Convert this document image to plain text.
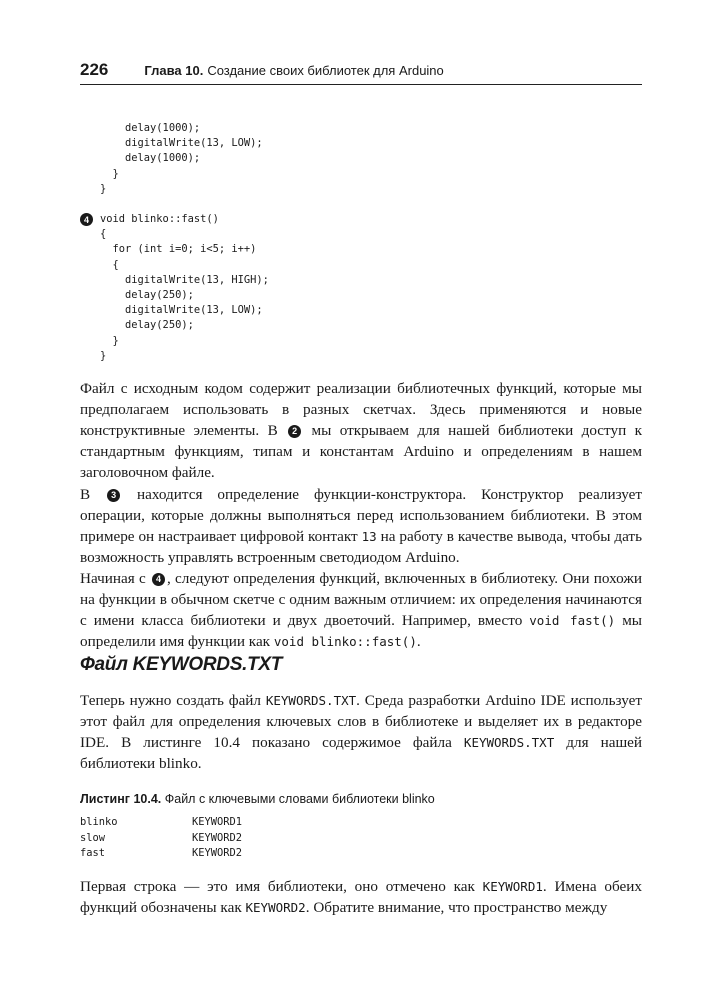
226	Глава 10. Создание своих библиотек для Arduino
delay(1000);
digitalWrite(13, LOW);
delay(1000);
}
}
4	void blinko::fast()
{
for (int i=0; i<5; i++)
{
digitalWrite(13, HIGH);
delay(250);
digitalWrite(13, LOW);
delay(250);
}
}

Файл с исходным кодом содержит реализации библиотечных функций, которые мы предполагаем использовать в разных скетчах. Здесь применяются и новые конструктивные элементы. В 2 мы открываем для нашей библиотеки доступ к стандартным функциям, типам и константам Arduino и определениям в нашем заголовочном файле.

В 3 находится определение функции-конструктора. Конструктор реализует операции, которые должны выполняться перед использованием библиотеки. В этом примере он настраивает цифровой контакт 13 на работу в качестве вывода, чтобы дать возможность управлять встроенным светодиодом Arduino.

Начиная с 4 , следуют определения функций, включенных в библиотеку. Они похожи на функции в обычном скетче с одним важным отличием: их определения начинаются с имени класса библиотеки и двух двоеточий. Например, вместо void fast() мы определили имя функции как void blinko::fast().

Файл KEYWORDS.TXT

Теперь нужно создать файл KEYWORDS.TXT. Среда разработки Arduino IDE использует этот файл для определения ключевых слов в библиотеке и выделяет их в редакторе IDE. В листинге 10.4 показано содержимое файла KEYWORDS.TXT для нашей библиотеки blinko.

Листинг 10.4. Файл с ключевыми словами библиотеки blinko
blinko	KEYWORD1
slow	KEYWORD2
fast	KEYWORD2

Первая строка — это имя библиотеки, оно отмечено как KEYWORD1. Имена обеих функций обозначены как KEYWORD2. Обратите внимание, что пространство между
